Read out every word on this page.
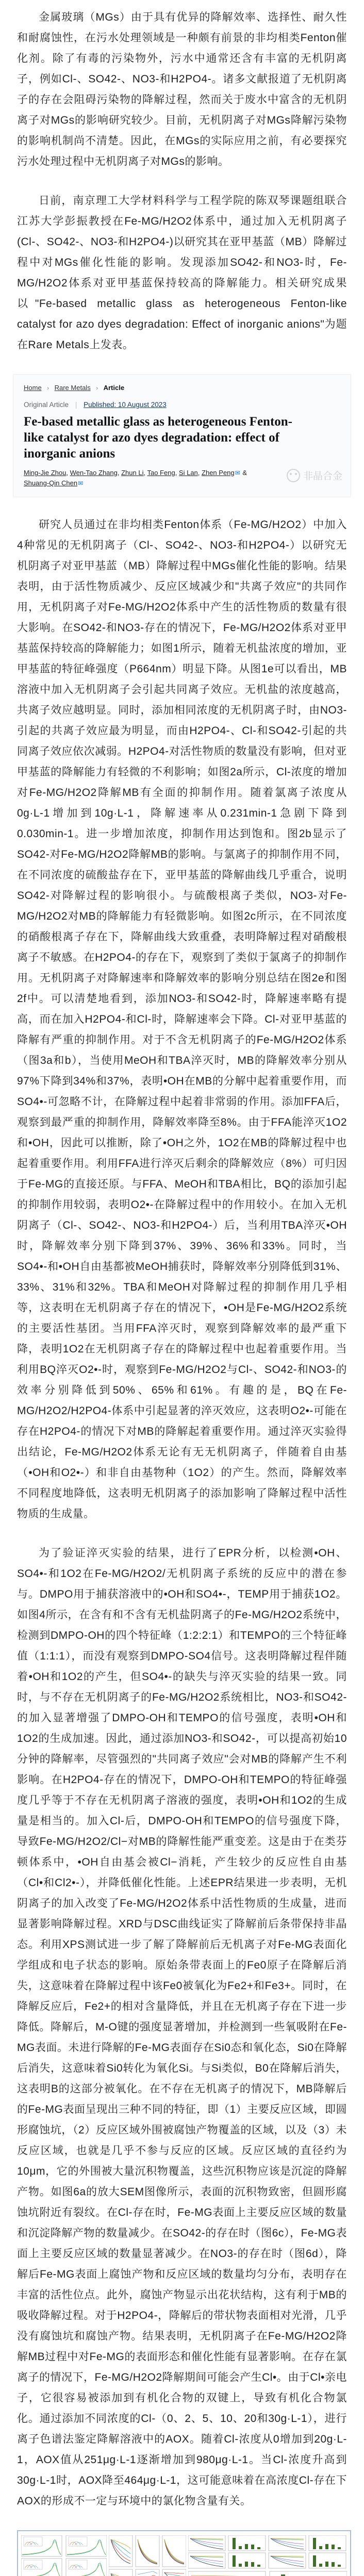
金属玻璃（MGs）由于具有优异的降解效率、选择性、耐久性和耐腐蚀性，在污水处理领域是一种颇有前景的非均相类Fenton催化剂。除了有毒的污染物外，污水中通常还含有丰富的无机阴离子，例如Cl-、SO42-、NO3-和H2PO4-。诸多文献报道了无机阴离子的存在会阻碍污染物的降解过程，然而关于废水中富含的无机阴离子对MGs的影响研究较少。目前，无机阴离子对MGs降解污染物的影响机制尚不清楚。因此，在MGs的实际应用之前，有必要探究污水处理过程中无机阴离子对MGs的影响。

日前，南京理工大学材料科学与工程学院的陈双琴课题组联合江苏大学彭振教授在Fe-MG/H2O2体系中，通过加入无机阴离子(Cl-、SO42-、NO3-和H2PO4-)以研究其在亚甲基蓝（MB）降解过程中对MGs催化性能的影响。发现添加SO42-和NO3-时，Fe-MG/H2O2体系对亚甲基蓝保持较高的降解能力。相关研究成果以"Fe-based metallic glass as heterogeneous Fenton-like catalyst for azo dyes degradation: Effect of inorganic anions"为题在Rare Metals上发表。

Home › Rare Metals › Article
Original Article | Published: 10 August 2023
Fe-based metallic glass as heterogeneous Fenton-like catalyst for azo dyes degradation: effect of inorganic anions
Ming-Jie Zhou, Wen-Tao Zhang, Zhun Li, Tao Feng, Si Lan, Zhen Peng✉ & Shuang-Qin Chen✉
非晶合金

研究人员通过在非均相类Fenton体系（Fe-MG/H2O2）中加入4种常见的无机阴离子（Cl-、SO42-、NO3-和H2PO4-）以研究无机阴离子对亚甲基蓝（MB）降解过程中MGs催化性能的影响。结果表明，由于活性物质减少、反应区域减少和"共离子效应"的共同作用，无机阴离子对Fe-MG/H2O2体系中产生的活性物质的数量有很大影响。在SO42-和NO3-存在的情况下，Fe-MG/H2O2体系对亚甲基蓝保持较高的降解能力；如图1所示，随着无机盐浓度的增加，亚甲基蓝的特征峰强度（P664nm）明显下降。从图1e可以看出，MB溶液中加入无机阴离子会引起共同离子效应。无机盐的浓度越高，共离子效应越明显。同时，添加相同浓度的无机阴离子时，由NO3-引起的共离子效应最为明显，而由H2PO4-、Cl-和SO42-引起的共同离子效应依次减弱。H2PO4-对活性物质的数量没有影响，但对亚甲基蓝的降解能力有轻微的不利影响；如图2a所示，Cl-浓度的增加对Fe-MG/H2O2降解MB有全面的抑制作用。随着氯离子浓度从0g·L-1增加到10g·L-1，降解速率从0.231min-1急剧下降到0.030min-1。进一步增加浓度，抑制作用达到饱和。图2b显示了SO42-对Fe-MG/H2O2降解MB的影响。与氯离子的抑制作用不同，在不同浓度的硫酸盐存在下，亚甲基蓝的降解曲线几乎重合，说明SO42-对降解过程的影响很小。与硫酸根离子类似，NO3-对Fe-MG/H2O2对MB的降解能力有轻微影响。如图2c所示，在不同浓度的硝酸根离子存在下，降解曲线大致重叠，表明降解过程对硝酸根离子不敏感。在H2PO4-的存在下，观察到了类似于氯离子的抑制作用。无机阴离子对降解速率和降解效率的影响分别总结在图2e和图2f中。可以清楚地看到，添加NO3-和SO42-时，降解速率略有提高，而在加入H2PO4-和Cl-时，降解速率会下降。Cl-对亚甲基蓝的降解有严重的抑制作用。对于不含无机阴离子的Fe-MG/H2O2体系（图3a和b），当使用MeOH和TBA淬灭时，MB的降解效率分别从97%下降到34%和37%，表明•OH在MB的分解中起着重要作用，而SO4•-可忽略不计，在降解过程中起着非常弱的作用。添加FFA后，观察到最严重的抑制作用，降解效率降至8%。由于FFA能淬灭1O2和•OH，因此可以推断，除了•OH之外，1O2在MB的降解过程中也起着重要作用。利用FFA进行淬灭后剩余的降解效应（8%）可归因于Fe-MG的直接还原。与FFA、MeOH和TBA相比，BQ的添加引起的抑制作用较弱，表明O2•-在降解过程中的作用较小。在加入无机阴离子（Cl-、SO42-、NO3-和H2PO4-）后，当利用TBA淬灭•OH时，降解效率分别下降到37%、39%、36%和33%。同时，当SO4•-和•OH自由基都被MeOH捕获时，降解效率分别降低到31%、33%、31%和32%。TBA和MeOH对降解过程的抑制作用几乎相等，这表明在无机阴离子存在的情况下，•OH是Fe-MG/H2O2系统的主要活性基团。当用FFA淬灭时，观察到降解效率的最严重下降，表明1O2在无机阴离子存在的降解过程中也起着重要作用。当利用BQ淬灭O2•-时，观察到Fe-MG/H2O2与Cl-、SO42-和NO3-的效率分别降低到50%、65%和61%。有趣的是，BQ在Fe-MG/H2O2/H2PO4-体系中引起显著的淬灭效应，这表明O2•-可能在存在H2PO4-的情况下对MB的降解起着重要作用。通过淬灭实验得出结论，Fe-MG/H2O2体系无论有无无机阴离子，伴随着自由基（•OH和O2•-）和非自由基物种（1O2）的产生。然而，降解效率不同程度地降低，这表明无机阴离子的添加影响了降解过程中活性物质的生成量。

为了验证淬灭实验的结果，进行了EPR分析，以检测•OH、SO4•-和1O2在Fe-MG/H2O2/无机阴离子系统的反应中的潜在参与。DMPO用于捕获溶液中的•OH和SO4•-，TEMP用于捕获1O2。如图4所示，在含有和不含有无机盐阴离子的Fe-MG/H2O2系统中，检测到DMPO-OH的四个特征峰（1:2:2:1）和TEMPO的三个特征峰值（1:1:1），而没有观察到DMPO-SO4信号。这表明降解过程伴随着•OH和1O2的产生，但SO4•-的缺失与淬灭实验的结果一致。同时，与不存在无机阴离子的Fe-MG/H2O2系统相比，NO3-和SO42-的加入显著增强了DMPO-OH和TEMPO的信号强度，表明•OH和1O2的生成加速。因此，通过添加NO3-和SO42-，可以提高初始10分钟的降解率，尽管强烈的"共同离子效应"会对MB的降解产生不利影响。在H2PO4-存在的情况下，DMPO-OH和TEMPO的特征峰强度几乎等于不存在无机阴离子溶液的强度，表明•OH和1O2的生成量是相当的。加入Cl-后，DMPO-OH和TEMPO的信号强度下降，导致Fe-MG/H2O2/Cl−对MB的降解性能严重变差。这是由于在类芬顿体系中，•OH自由基会被Cl−消耗，产生较少的反应性自由基（Cl•和Cl2•-），并降低催化性能。上述EPR结果进一步表明，无机阴离子的加入改变了Fe-MG/H2O2体系中活性物质的生成量，进而显著影响降解过程。XRD与DSC曲线证实了降解前后条带保持非晶态。利用XPS测试进一步了解了降解前后无机离子对Fe-MG表面化学组成和电子状态的影响。原始条带表面上的Fe0原子在降解后消失，这意味着在降解过程中该Fe0被氧化为Fe2+和Fe3+。同时，在降解反应后，Fe2+的相对含量降低，并且在无机离子存在下进一步降低。降解后，M-O键的强度显著增加，并检测到一些氧吸附在Fe-MG表面。未进行降解的Fe-MG表面存在Si0态和氧化态，Si0在降解后消失，这意味着Si0转化为氧化Si。与Si类似，B0在降解后消失，这表明B的这部分被氧化。在不存在无机离子的情况下，MB降解后的Fe-MG表面呈现出三种不同的特征，即（1）主要反应区域，即圆形腐蚀坑，（2）反应区域外围被腐蚀产物覆盖的区域，以及（3）未反应区域，也就是几乎不参与反应的区域。反应区域的直径约为10μm，它的外围被大量沉积物覆盖，这些沉积物应该是沉淀的降解产物。如图6a的放大SEM图像所示，表面的沉积物致密，但圆形腐蚀坑附近有裂纹。在Cl-存在时，Fe-MG表面上主要反应区域的数量和沉淀降解产物的数量减少。在SO42-的存在时（图6c），Fe-MG表面上主要反应区域的数量显著减少。在NO3-的存在时（图6d），降解后Fe-MG表面上腐蚀产物和反应区域的数量均匀分布，表明存在丰富的活性位点。此外，腐蚀产物显示出花状结构，这有利于MB的吸收降解过程。对于H2PO4-，降解后的带状物表面相对光滑，几乎没有腐蚀坑和腐蚀产物。结果表明，无机阴离子在Fe-MG/H2O2降解MB过程中对Fe-MG的表面形态和催化性能有显著影响。在存在氯离子的情况下，Fe-MG/H2O2降解期间可能会产生Cl•。由于Cl•亲电子，它很容易被添加到有机化合物的双键上，导致有机化合物氯化。通过添加不同浓度的Cl-（0、2、5、10、20和30g·L-1），进行离子色谱法鉴定降解溶液中的AOX。随着Cl-浓度从0增加到20g·L-1，AOX值从251μg·L-1逐渐增加到980μg·L-1。当Cl-浓度升高到30g·L-1时，AOX降至464μg·L-1，这可能意味着在高浓度Cl-存在下AOX的形成不一定与环境中的氯化物含量有关。
